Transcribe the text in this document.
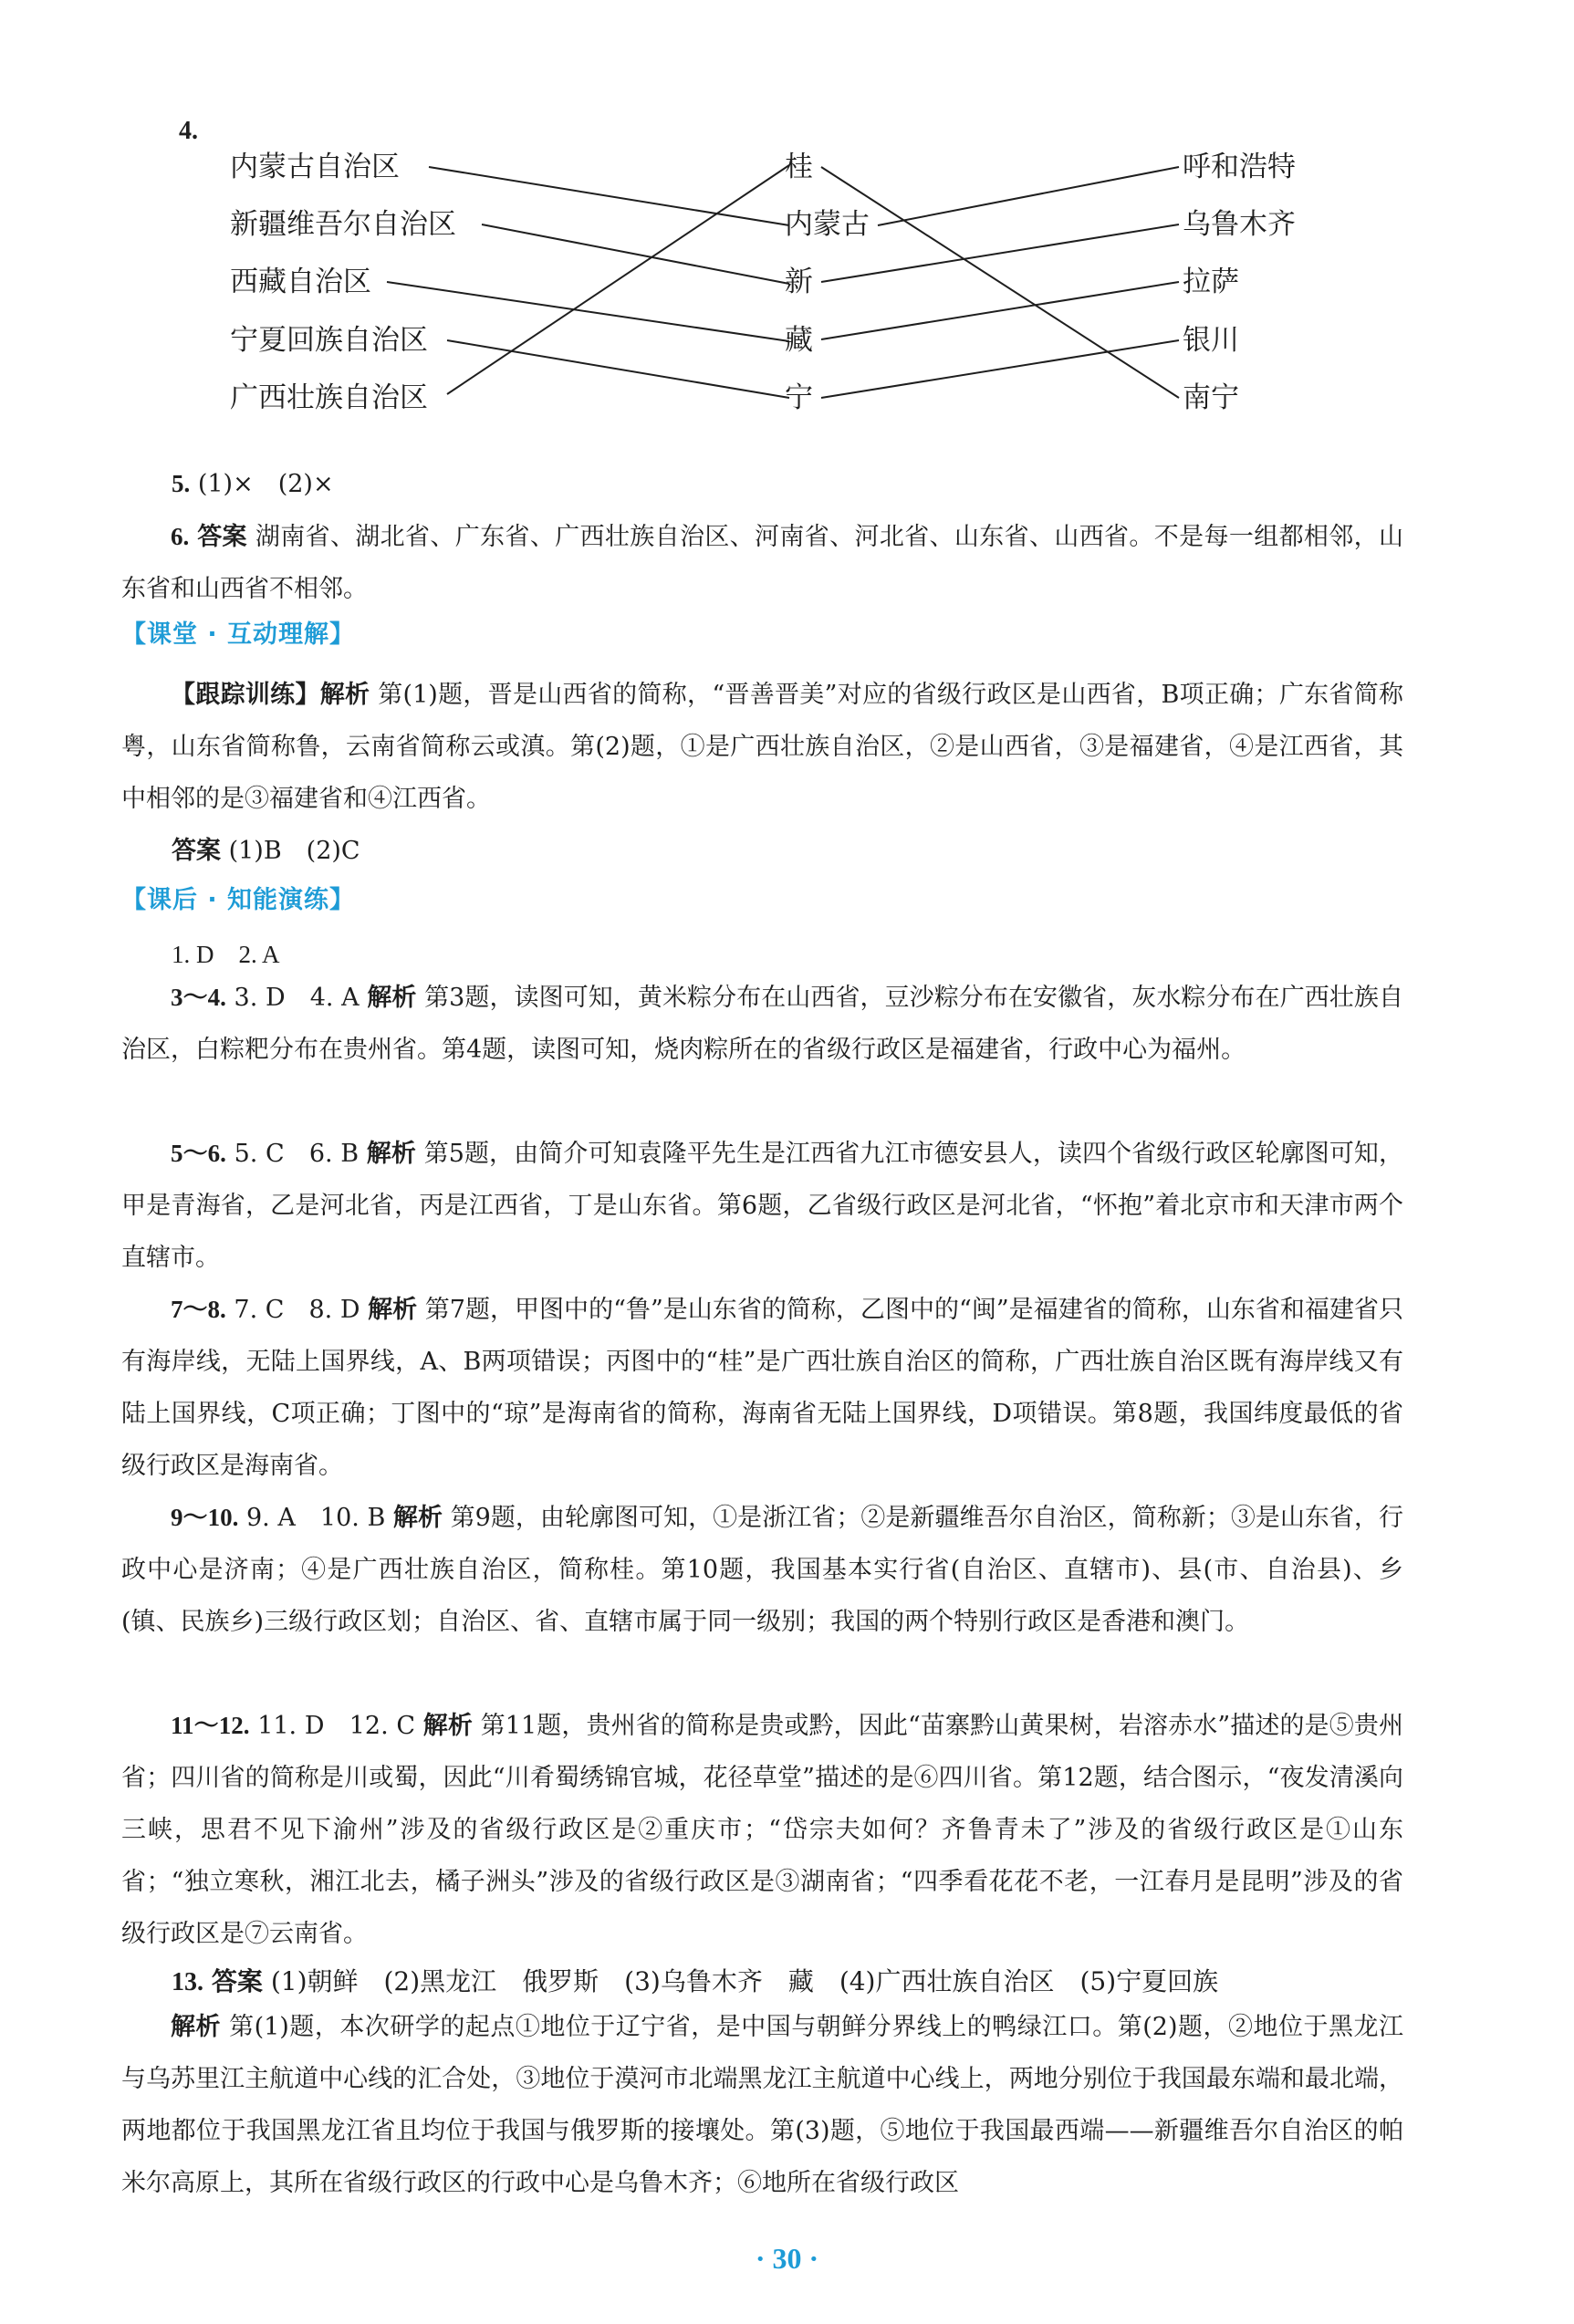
4.
内蒙古自治区
新疆维吾尔自治区
西藏自治区
宁夏回族自治区
广西壮族自治区
桂
内蒙古
新
藏
宁
呼和浩特
乌鲁木齐
拉萨
银川
南宁
5. (1)×　(2)×
6. 答案 湖南省、湖北省、广东省、广西壮族自治区、河南省、河北省、山东省、山西省。不是每一组都相邻，山东省和山西省不相邻。
【课堂 · 互动理解】
【跟踪训练】解析 第(1)题，晋是山西省的简称，“晋善晋美”对应的省级行政区是山西省，B项正确；广东省简称粤，山东省简称鲁，云南省简称云或滇。第(2)题，①是广西壮族自治区，②是山西省，③是福建省，④是江西省，其中相邻的是③福建省和④江西省。
答案 (1)B　(2)C
【课后 · 知能演练】
1. D　2. A
3～4. 3. D　4. A 解析 第3题，读图可知，黄米粽分布在山西省，豆沙粽分布在安徽省，灰水粽分布在广西壮族自治区，白粽粑分布在贵州省。第4题，读图可知，烧肉粽所在的省级行政区是福建省，行政中心为福州。
5～6. 5. C　6. B 解析 第5题，由简介可知袁隆平先生是江西省九江市德安县人，读四个省级行政区轮廓图可知，甲是青海省，乙是河北省，丙是江西省，丁是山东省。第6题，乙省级行政区是河北省，“怀抱”着北京市和天津市两个直辖市。
7～8. 7. C　8. D 解析 第7题，甲图中的“鲁”是山东省的简称，乙图中的“闽”是福建省的简称，山东省和福建省只有海岸线，无陆上国界线，A、B两项错误；丙图中的“桂”是广西壮族自治区的简称，广西壮族自治区既有海岸线又有陆上国界线，C项正确；丁图中的“琼”是海南省的简称，海南省无陆上国界线，D项错误。第8题，我国纬度最低的省级行政区是海南省。
9～10. 9. A　10. B 解析 第9题，由轮廓图可知，①是浙江省；②是新疆维吾尔自治区，简称新；③是山东省，行政中心是济南；④是广西壮族自治区，简称桂。第10题，我国基本实行省(自治区、直辖市)、县(市、自治县)、乡(镇、民族乡)三级行政区划；自治区、省、直辖市属于同一级别；我国的两个特别行政区是香港和澳门。
11～12. 11. D　12. C 解析 第11题，贵州省的简称是贵或黔，因此“苗寨黔山黄果树，岩溶赤水”描述的是⑤贵州省；四川省的简称是川或蜀，因此“川肴蜀绣锦官城，花径草堂”描述的是⑥四川省。第12题，结合图示，“夜发清溪向三峡，思君不见下渝州”涉及的省级行政区是②重庆市；“岱宗夫如何？齐鲁青未了”涉及的省级行政区是①山东省；“独立寒秋，湘江北去，橘子洲头”涉及的省级行政区是③湖南省；“四季看花花不老，一江春月是昆明”涉及的省级行政区是⑦云南省。
13. 答案 (1)朝鲜　(2)黑龙江　俄罗斯　(3)乌鲁木齐　藏　(4)广西壮族自治区　(5)宁夏回族
解析 第(1)题，本次研学的起点①地位于辽宁省，是中国与朝鲜分界线上的鸭绿江口。第(2)题，②地位于黑龙江与乌苏里江主航道中心线的汇合处，③地位于漠河市北端黑龙江主航道中心线上，两地分别位于我国最东端和最北端，两地都位于我国黑龙江省且均位于我国与俄罗斯的接壤处。第(3)题，⑤地位于我国最西端——新疆维吾尔自治区的帕米尔高原上，其所在省级行政区的行政中心是乌鲁木齐；⑥地所在省级行政区
· 30 ·
